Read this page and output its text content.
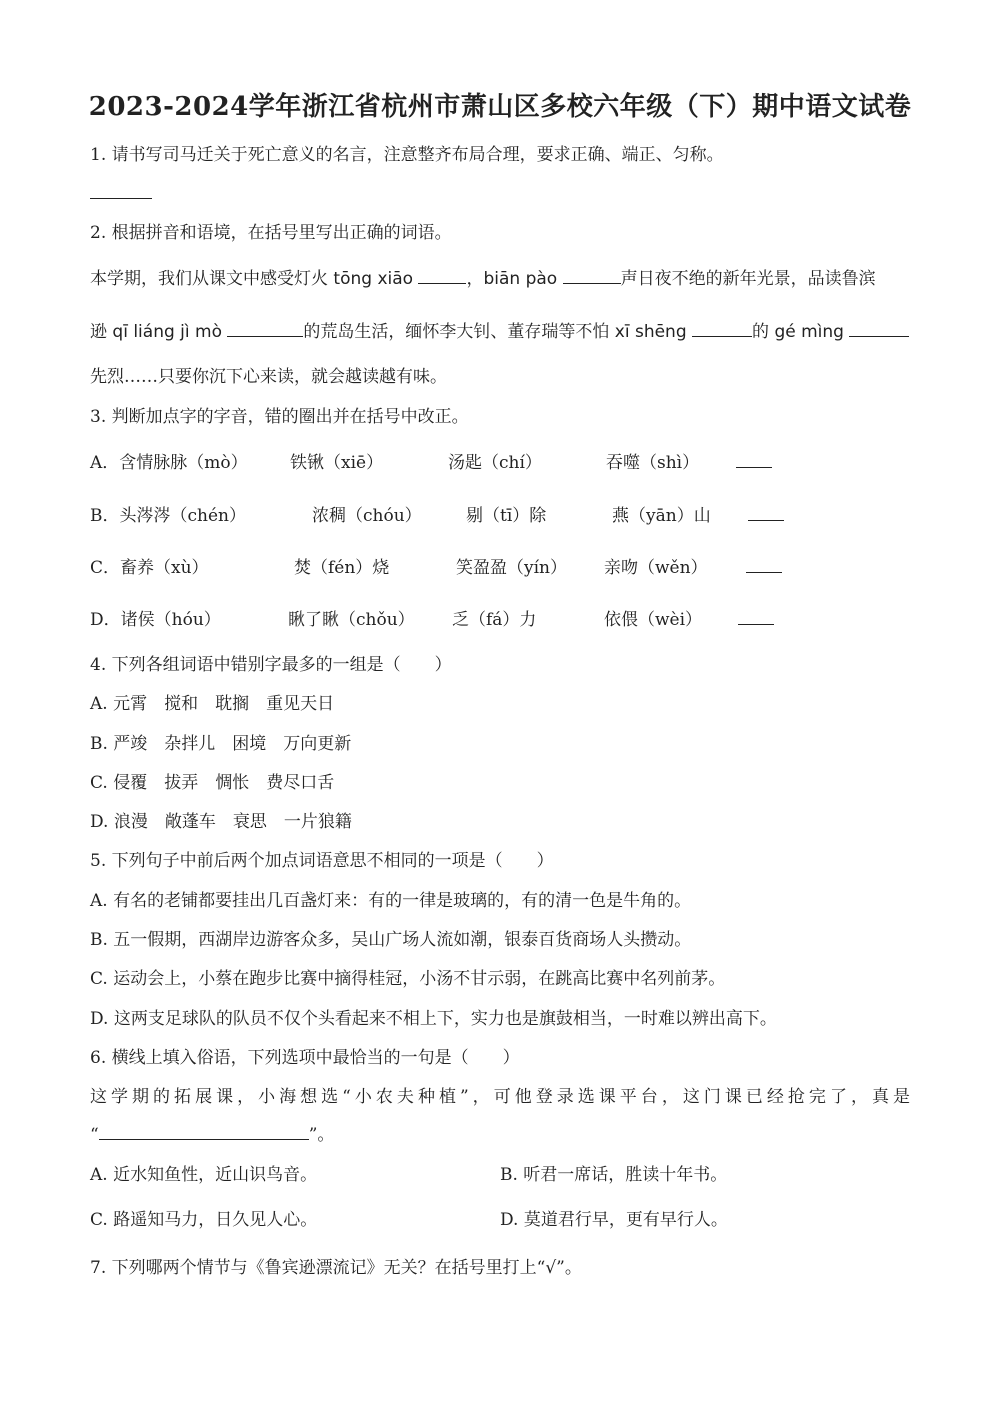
2023-2024学年浙江省杭州市萧山区多校六年级（下）期中语文试卷
1. 请书写司马迁关于死亡意义的名言，注意整齐布局合理，要求正确、端正、匀称。
2. 根据拼音和语境，在括号里写出正确的词语。
本学期，我们从课文中感受灯火 tōng xiāo	，biān pào	声日夜不绝的新年光景，品读鲁滨
逊 qī liáng jì mò	的荒岛生活，缅怀李大钊、董存瑞等不怕 xī shēng	的 gé mìng
先烈……只要你沉下心来读，就会越读越有味。
3. 判断加点字的字音，错的圈出并在括号中改正。
A．含情脉脉（mò） 铁锹（xiē）	汤匙（chí）	吞噬（shì）
B．头涔涔（chén）	浓稠（chóu）	剔（tī）除	燕（yān）山
C．畜养（xù）	焚（fén）烧	笑盈盈（yín） 亲吻（wěn）
D．诸侯（hóu）	瞅了瞅（chǒu） 乏（fá）力	依偎（wèi）
4. 下列各组词语中错别字最多的一组是（　　）
A. 元霄　搅和　耽搁　重见天日
B. 严竣　杂拌儿　困境　万向更新
C. 侵覆　拔弄　惆怅　费尽口舌
D. 浪漫　敞蓬车　衰思　一片狼籍
5. 下列句子中前后两个加点词语意思不相同的一项是（　　）
A. 有名的老铺都要挂出几百盏灯来：有的一律是玻璃的，有的清一色是牛角的。
B. 五一假期，西湖岸边游客众多，吴山广场人流如潮，银泰百货商场人头攒动。
C. 运动会上，小蔡在跑步比赛中摘得桂冠，小汤不甘示弱，在跳高比赛中名列前茅。
D. 这两支足球队的队员不仅个头看起来不相上下，实力也是旗鼓相当，一时难以辨出高下。
6. 横线上填入俗语，下列选项中最恰当的一句是（　　）
这学期的拓展课，小海想选“小农夫种植”，可他登录选课平台，这门课已经抢完了，真是
“	”。
A. 近水知鱼性，近山识鸟音。	B. 听君一席话，胜读十年书。
C. 路遥知马力，日久见人心。	D. 莫道君行早，更有早行人。
7. 下列哪两个情节与《鲁宾逊漂流记》无关？在括号里打上“√”。
